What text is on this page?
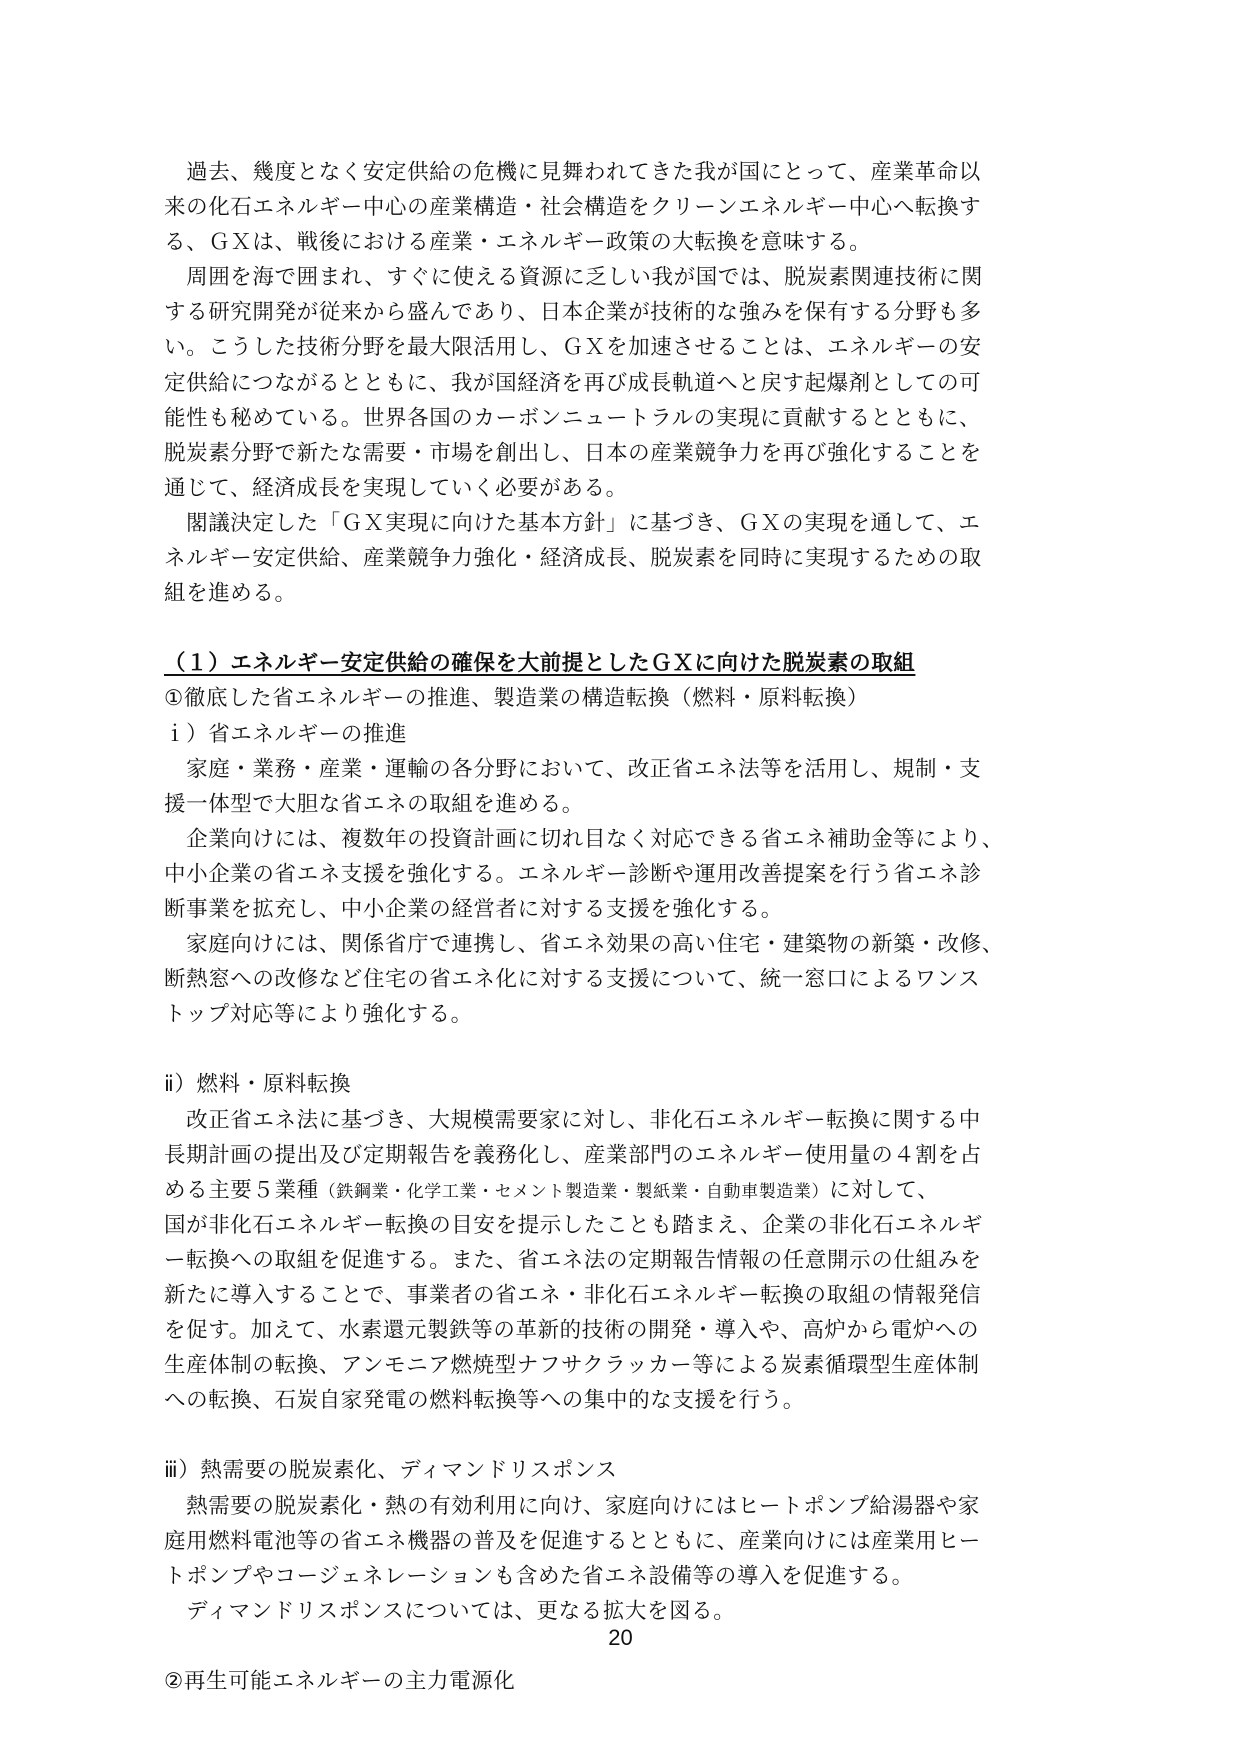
　過去、幾度となく安定供給の危機に見舞われてきた我が国にとって、産業革命以
来の化石エネルギー中心の産業構造・社会構造をクリーンエネルギー中心へ転換す
る、ＧＸは、戦後における産業・エネルギー政策の大転換を意味する。
　周囲を海で囲まれ、すぐに使える資源に乏しい我が国では、脱炭素関連技術に関
する研究開発が従来から盛んであり、日本企業が技術的な強みを保有する分野も多
い。こうした技術分野を最大限活用し、ＧＸを加速させることは、エネルギーの安
定供給につながるとともに、我が国経済を再び成長軌道へと戻す起爆剤としての可
能性も秘めている。世界各国のカーボンニュートラルの実現に貢献するとともに、
脱炭素分野で新たな需要・市場を創出し、日本の産業競争力を再び強化することを
通じて、経済成長を実現していく必要がある。
　閣議決定した「ＧＸ実現に向けた基本方針」に基づき、ＧＸの実現を通して、エ
ネルギー安定供給、産業競争力強化・経済成長、脱炭素を同時に実現するための取
組を進める。
（１）エネルギー安定供給の確保を大前提としたＧＸに向けた脱炭素の取組
①徹底した省エネルギーの推進、製造業の構造転換（燃料・原料転換）
ｉ）省エネルギーの推進
　家庭・業務・産業・運輸の各分野において、改正省エネ法等を活用し、規制・支
援一体型で大胆な省エネの取組を進める。
　企業向けには、複数年の投資計画に切れ目なく対応できる省エネ補助金等により、
中小企業の省エネ支援を強化する。エネルギー診断や運用改善提案を行う省エネ診
断事業を拡充し、中小企業の経営者に対する支援を強化する。
　家庭向けには、関係省庁で連携し、省エネ効果の高い住宅・建築物の新築・改修、
断熱窓への改修など住宅の省エネ化に対する支援について、統一窓口によるワンス
トップ対応等により強化する。
ⅱ）燃料・原料転換
　改正省エネ法に基づき、大規模需要家に対し、非化石エネルギー転換に関する中
長期計画の提出及び定期報告を義務化し、産業部門のエネルギー使用量の４割を占
める主要５業種（鉄鋼業・化学工業・セメント製造業・製紙業・自動車製造業）に対して、
国が非化石エネルギー転換の目安を提示したことも踏まえ、企業の非化石エネルギ
ー転換への取組を促進する。また、省エネ法の定期報告情報の任意開示の仕組みを
新たに導入することで、事業者の省エネ・非化石エネルギー転換の取組の情報発信
を促す。加えて、水素還元製鉄等の革新的技術の開発・導入や、高炉から電炉への
生産体制の転換、アンモニア燃焼型ナフサクラッカー等による炭素循環型生産体制
への転換、石炭自家発電の燃料転換等への集中的な支援を行う。
ⅲ）熱需要の脱炭素化、ディマンドリスポンス
　熱需要の脱炭素化・熱の有効利用に向け、家庭向けにはヒートポンプ給湯器や家
庭用燃料電池等の省エネ機器の普及を促進するとともに、産業向けには産業用ヒー
トポンプやコージェネレーションも含めた省エネ設備等の導入を促進する。
　ディマンドリスポンスについては、更なる拡大を図る。
②再生可能エネルギーの主力電源化
20
